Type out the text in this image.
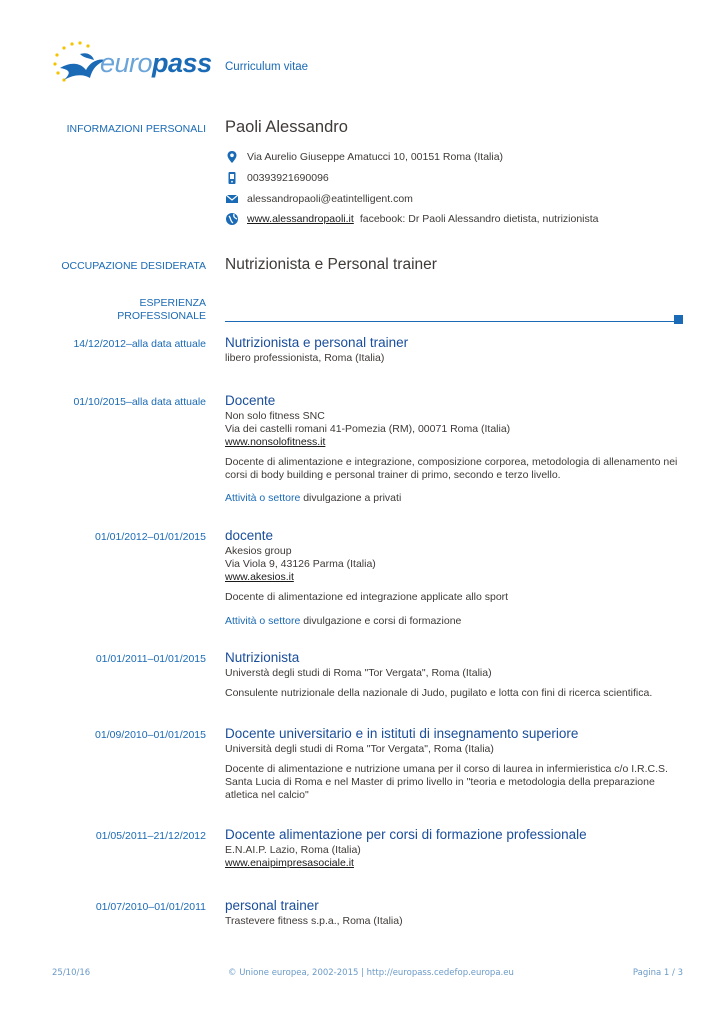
europass Curriculum vitae
INFORMAZIONI PERSONALI Paoli Alessandro
Via Aurelio Giuseppe Amatucci 10, 00151 Roma (Italia)
00393921690096
alessandropaoli@eatintelligent.com
www.alessandropaoli.it facebook: Dr Paoli Alessandro dietista, nutrizionista
OCCUPAZIONE DESIDERATA Nutrizionista e Personal trainer
ESPERIENZA
PROFESSIONALE
14/12/2012–alla data attuale Nutrizionista e personal trainer
libero professionista, Roma (Italia)
01/10/2015–alla data attuale Docente
Non solo fitness SNC
Via dei castelli romani 41-Pomezia (RM), 00071 Roma (Italia)
www.nonsolofitness.it
Docente di alimentazione e integrazione, composizione corporea, metodologia di allenamento nei corsi di body building e personal trainer di primo, secondo e terzo livello.
Attività o settore divulgazione a privati
01/01/2012–01/01/2015 docente
Akesios group
Via Viola 9, 43126 Parma (Italia)
www.akesios.it
Docente di alimentazione ed integrazione applicate allo sport
Attività o settore divulgazione e corsi di formazione
01/01/2011–01/01/2015 Nutrizionista
Universtà degli studi di Roma "Tor Vergata", Roma (Italia)
Consulente nutrizionale della nazionale di Judo, pugilato e lotta con fini di ricerca scientifica.
01/09/2010–01/01/2015 Docente universitario e in istituti di insegnamento superiore
Università degli studi di Roma "Tor Vergata", Roma (Italia)
Docente di alimentazione e nutrizione umana per il corso di laurea in infermieristica c/o I.R.C.S. Santa Lucia di Roma e nel Master di primo livello in "teoria e metodologia della preparazione atletica nel calcio"
01/05/2011–21/12/2012 Docente alimentazione per corsi di formazione professionale
E.N.AI.P. Lazio, Roma (Italia)
www.enaipimpresasociale.it
01/07/2010–01/01/2011 personal trainer
Trastevere fitness s.p.a., Roma (Italia)
25/10/16	© Unione europea, 2002-2015 | http://europass.cedefop.europa.eu	Pagina 1 / 3
